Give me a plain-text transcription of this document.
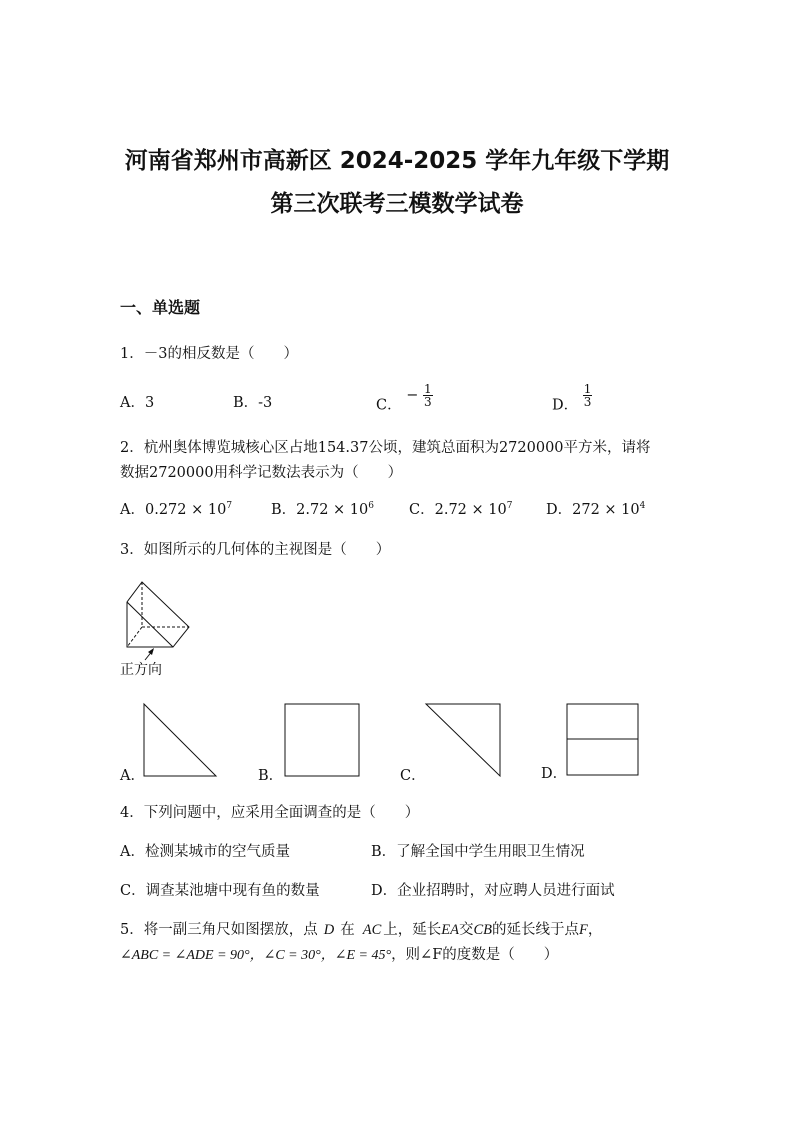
河南省郑州市高新区 2024-2025 学年九年级下学期
第三次联考三模数学试卷
一、单选题
1．－3的相反数是（　　）
A．3	B．-3	C． − $\frac{1}{3}$	D． $\frac{1}{3}$
2．杭州奥体博览城核心区占地154.37公顷，建筑总面积为2720000平方米，请将
数据2720000用科学记数法表示为（　　）
A．$0.272 \times 10^7$	B．$2.72 \times 10^6$ C．$2.72 \times 10^7$ D．$272 \times 10^4$
3．如图所示的几何体的主视图是（　　）
正方向
A．	B．	C．	D．
4．下列问题中，应采用全面调查的是（　　）
A．检测某城市的空气质量	B．了解全国中学生用眼卫生情况
C．调查某池塘中现有鱼的数量	D．企业招聘时，对应聘人员进行面试
5．将一副三角尺如图摆放，点 D 在 AC 上，延长EA交CB的延长线于点F，
∠ABC = ∠ADE = 90°，∠C = 30°，∠E = 45°，则∠F的度数是（　　）
